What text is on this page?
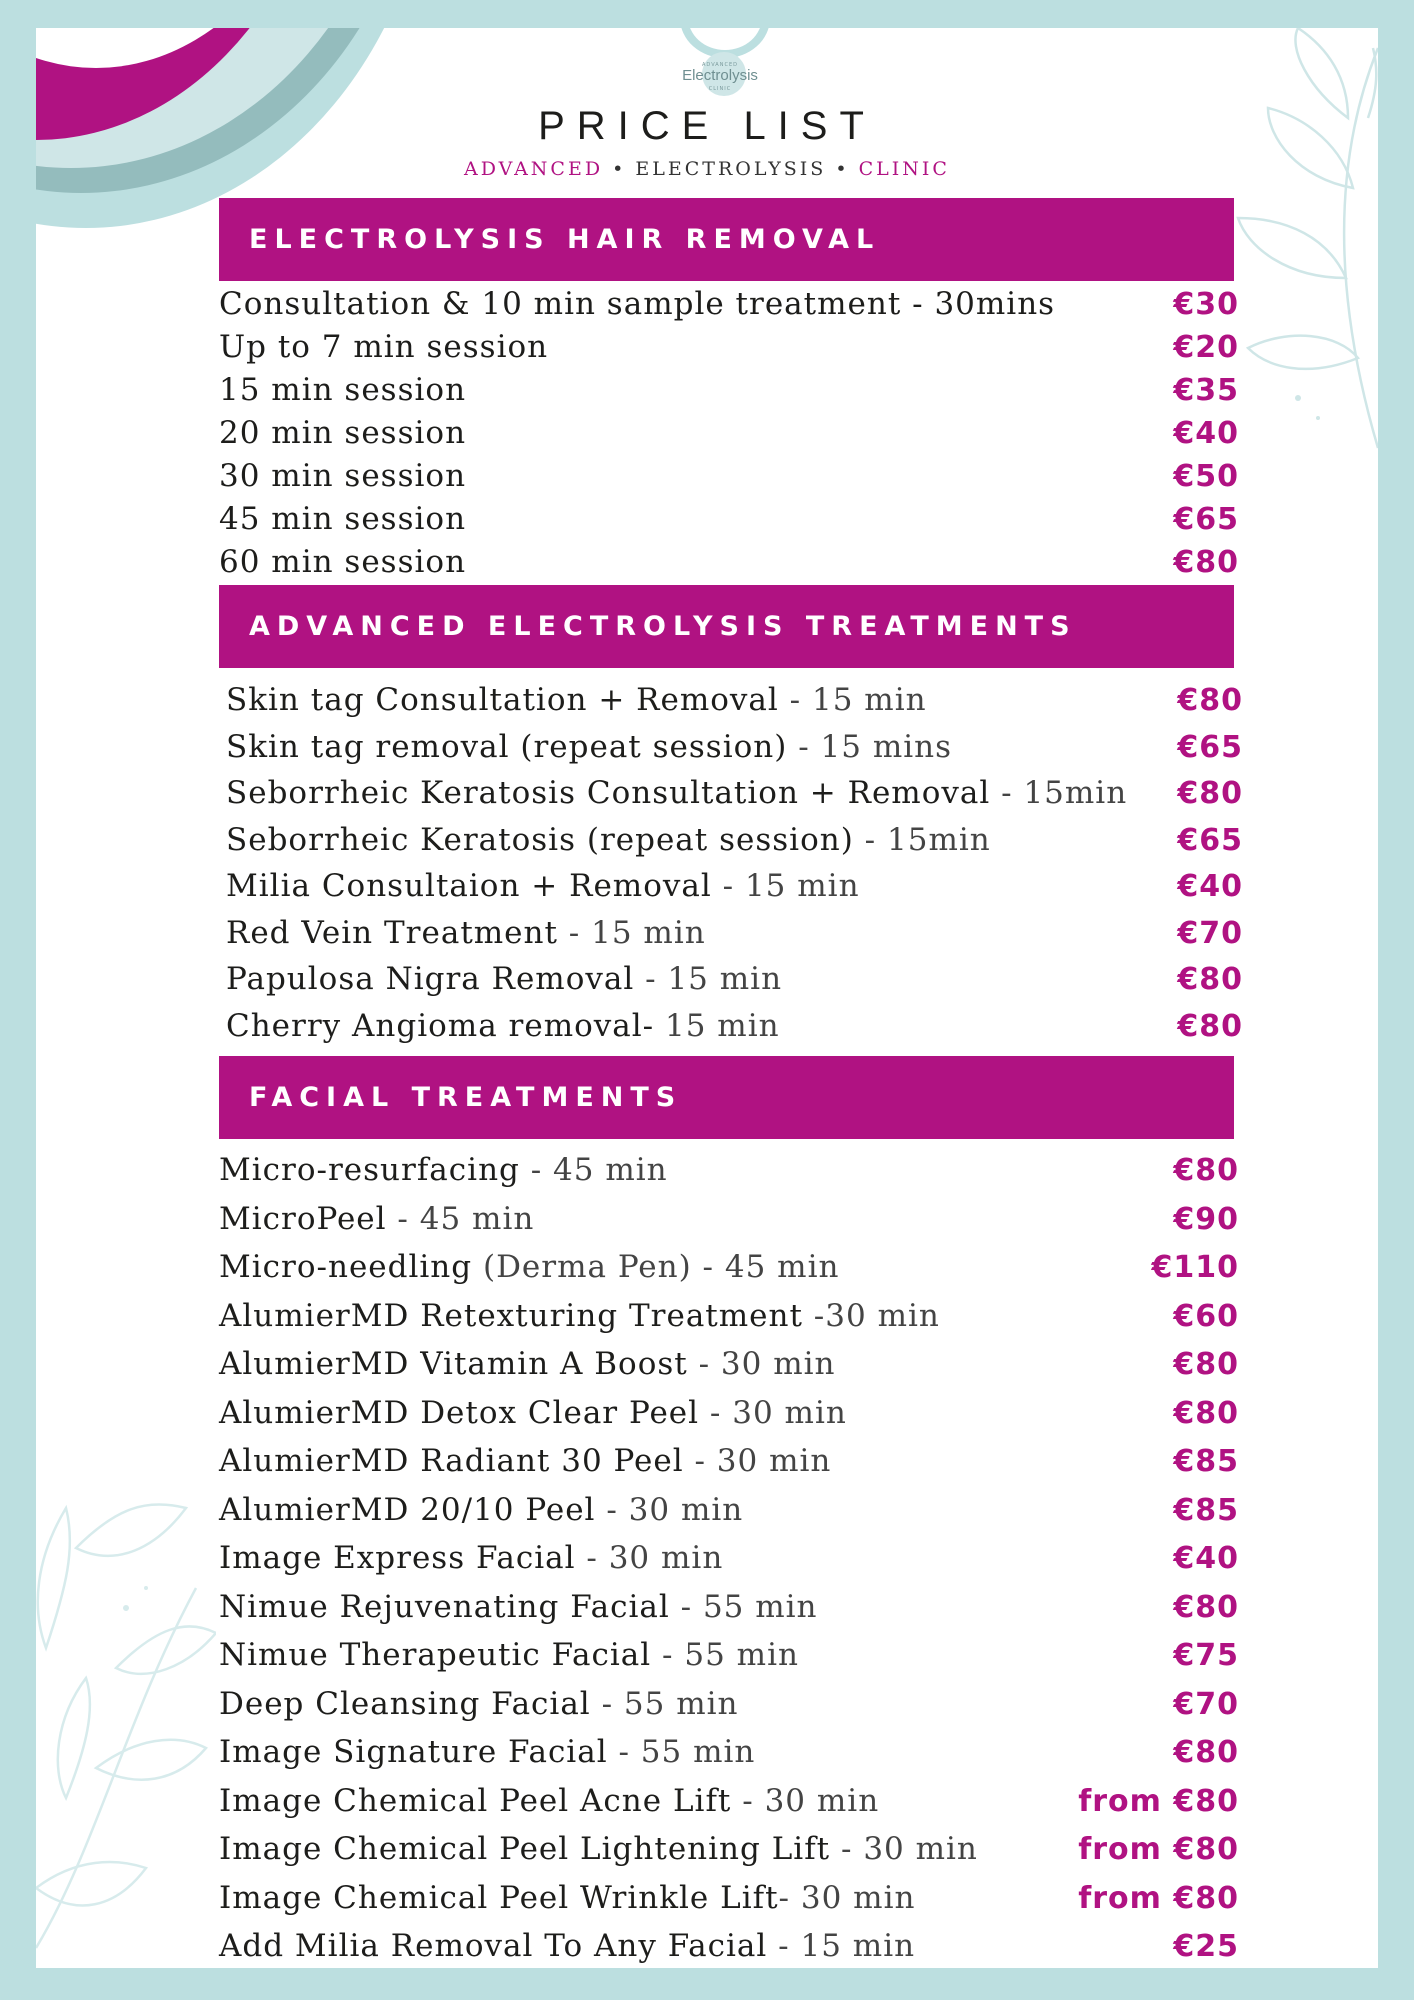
ADVANCED
Electrolysis
CLINIC
PRICE LIST
ADVANCED • ELECTROLYSIS • CLINIC
ELECTROLYSIS HAIR REMOVAL
Consultation & 10 min sample treatment - 30mins	€30
Up to 7 min session	€20
15 min session	€35
20 min session	€40
30 min session	€50
45 min session	€65
60 min session	€80
ADVANCED ELECTROLYSIS TREATMENTS
Skin tag Consultation + Removal - 15 min	€80
Skin tag removal (repeat session) - 15 mins	€65
Seborrheic Keratosis Consultation + Removal - 15min €80
Seborrheic Keratosis (repeat session) - 15min	€65
Milia Consultaion + Removal - 15 min	€40
Red Vein Treatment - 15 min	€70
Papulosa Nigra Removal - 15 min	€80
Cherry Angioma removal- 15 min	€80
FACIAL TREATMENTS
Micro-resurfacing - 45 min	€80
MicroPeel - 45 min	€90
Micro-needling (Derma Pen) - 45 min	€110
AlumierMD Retexturing Treatment -30 min	€60
AlumierMD Vitamin A Boost - 30 min	€80
AlumierMD Detox Clear Peel - 30 min	€80
AlumierMD Radiant 30 Peel - 30 min	€85
AlumierMD 20/10 Peel - 30 min	€85
Image Express Facial - 30 min	€40
Nimue Rejuvenating Facial - 55 min	€80
Nimue Therapeutic Facial - 55 min	€75
Deep Cleansing Facial - 55 min	€70
Image Signature Facial - 55 min	€80
Image Chemical Peel Acne Lift - 30 min	from €80
Image Chemical Peel Lightening Lift - 30 min	from €80
Image Chemical Peel Wrinkle Lift- 30 min	from €80
Add Milia Removal To Any Facial - 15 min	€25
